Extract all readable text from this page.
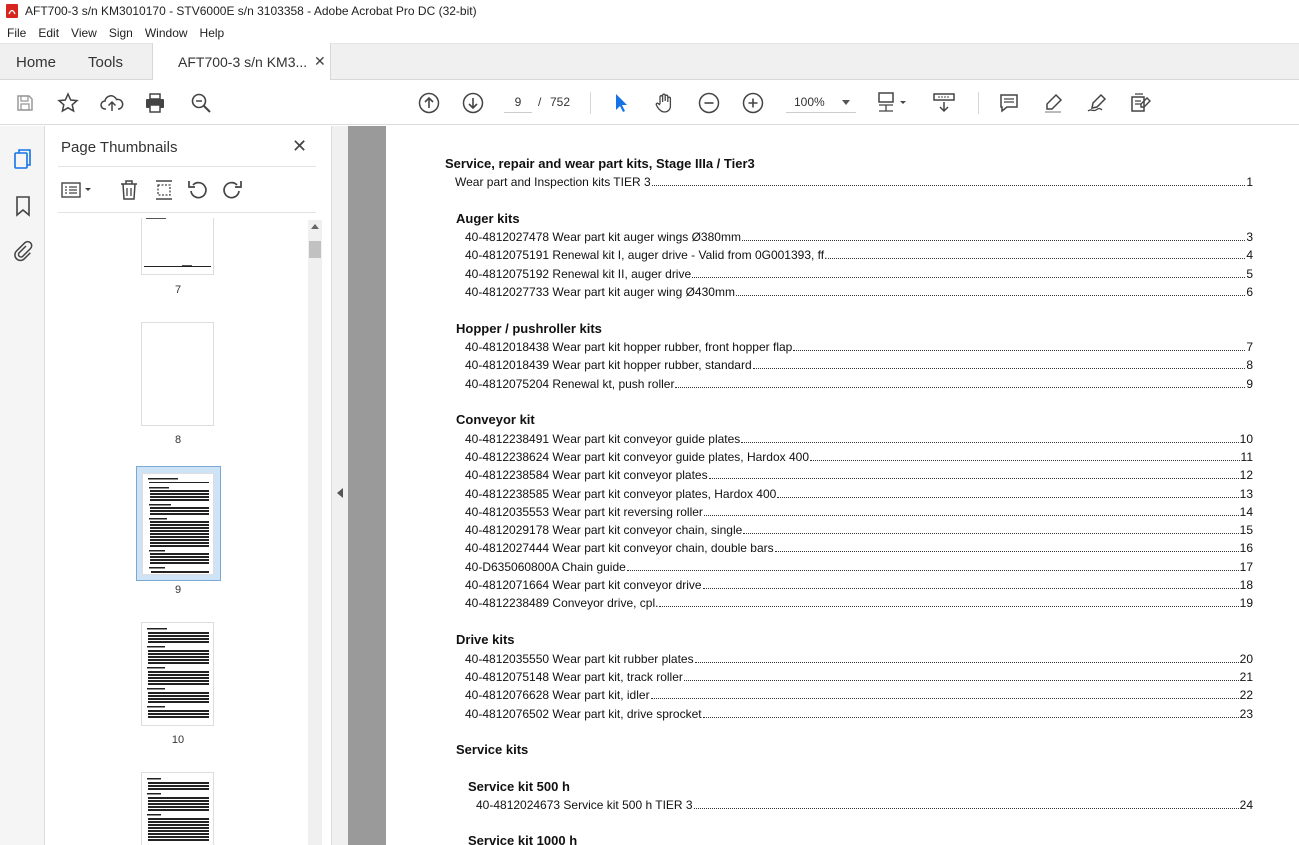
AFT700-3 s/n KM3010170 - STV6000E s/n 3103358 - Adobe Acrobat Pro DC (32-bit)
File	Edit	View	Sign	Window	Help
Home Tools	AFT700-3 s/n KM3... ✕
9	/ 752	100%
Page Thumbnails	✕
7
8
9
10
Service, repair and wear part kits, Stage IIIa / Tier3
Wear part and Inspection kits TIER 3	1
Auger kits
40-4812027478 Wear part kit auger wings Ø380mm	3
40-4812075191 Renewal kit I, auger drive - Valid from 0G001393, ff.	4
40-4812075192 Renewal kit II, auger drive	5
40-4812027733 Wear part kit auger wing Ø430mm	6
Hopper / pushroller kits
40-4812018438 Wear part kit hopper rubber, front hopper flap	7
40-4812018439 Wear part kit hopper rubber, standard	8
40-4812075204 Renewal kt, push roller	9
Conveyor kit
40-4812238491 Wear part kit conveyor guide plates	10
40-4812238624 Wear part kit conveyor guide plates, Hardox 400	11
40-4812238584 Wear part kit conveyor plates	12
40-4812238585 Wear part kit conveyor plates, Hardox 400	13
40-4812035553 Wear part kit reversing roller	14
40-4812029178 Wear part kit conveyor chain, single	15
40-4812027444 Wear part kit conveyor chain, double bars	16
40-D635060800A Chain guide	17
40-4812071664 Wear part kit conveyor drive	18
40-4812238489 Conveyor drive, cpl.	19
Drive kits
40-4812035550 Wear part kit rubber plates	20
40-4812075148 Wear part kit, track roller	21
40-4812076628 Wear part kit, idler	22
40-4812076502 Wear part kit, drive sprocket	23
Service kits
Service kit 500 h
40-4812024673 Service kit 500 h TIER 3	24
Service kit 1000 h
